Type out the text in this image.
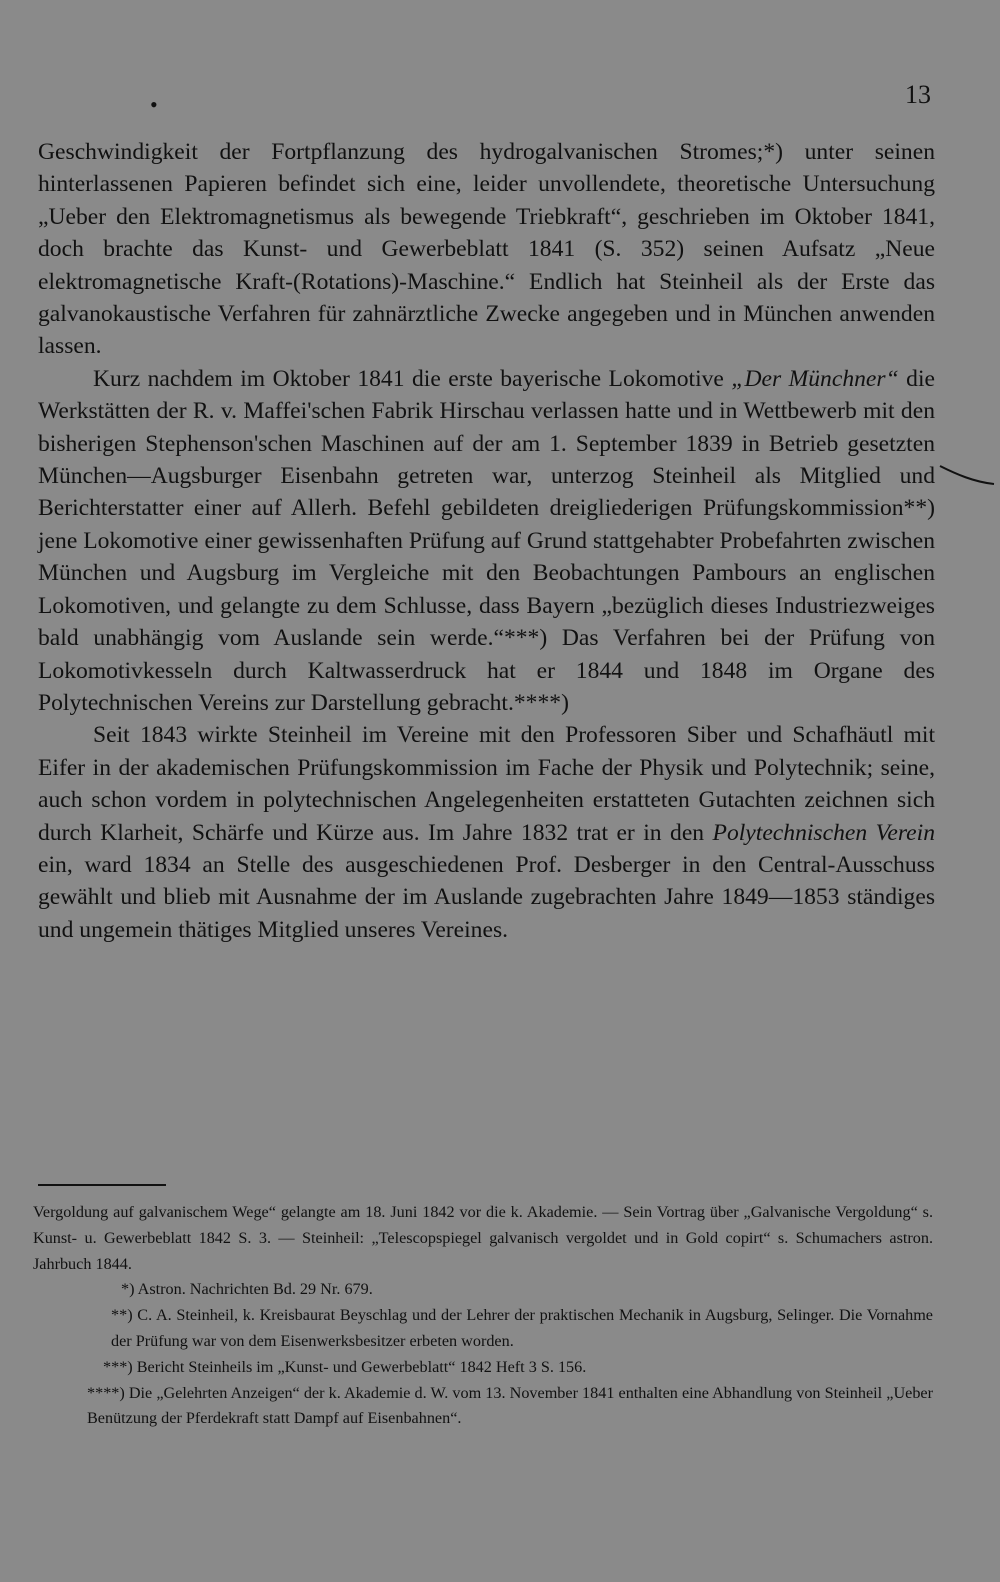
•	13

Geschwindigkeit der Fortpflanzung des hydrogalvanischen Stromes;*) unter seinen hinterlassenen Papieren befindet sich eine, leider unvollendete, theoretische Untersuchung „Ueber den Elektromagnetismus als bewegende Triebkraft“, geschrieben im Oktober 1841, doch brachte das Kunst- und Gewerbeblatt 1841 (S. 352) seinen Aufsatz „Neue elektromagnetische Kraft-(Rotations)-Maschine.“ Endlich hat Steinheil als der Erste das galvanokaustische Verfahren für zahnärztliche Zwecke angegeben und in München anwenden lassen.

Kurz nachdem im Oktober 1841 die erste bayerische Lokomotive „Der Münchner“ die Werkstätten der R. v. Maffei'schen Fabrik Hirschau verlassen hatte und in Wettbewerb mit den bisherigen Stephenson'schen Maschinen auf der am 1. September 1839 in Betrieb gesetzten München—Augsburger Eisenbahn getreten war, unterzog Steinheil als Mitglied und Berichterstatter einer auf Allerh. Befehl gebildeten dreigliederigen Prüfungskommission**) jene Lokomotive einer gewissenhaften Prüfung auf Grund stattgehabter Probefahrten zwischen München und Augsburg im Vergleiche mit den Beobachtungen Pambours an englischen Lokomotiven, und gelangte zu dem Schlusse, dass Bayern „bezüglich dieses Industriezweiges bald unabhängig vom Auslande sein werde.“***) Das Verfahren bei der Prüfung von Lokomotivkesseln durch Kaltwasserdruck hat er 1844 und 1848 im Organe des Polytechnischen Vereins zur Darstellung gebracht.****)

Seit 1843 wirkte Steinheil im Vereine mit den Professoren Siber und Schafhäutl mit Eifer in der akademischen Prüfungskommission im Fache der Physik und Polytechnik; seine, auch schon vordem in polytechnischen Angelegenheiten erstatteten Gutachten zeichnen sich durch Klarheit, Schärfe und Kürze aus. Im Jahre 1832 trat er in den Polytechnischen Verein ein, ward 1834 an Stelle des ausgeschiedenen Prof. Desberger in den Central-Ausschuss gewählt und blieb mit Ausnahme der im Auslande zugebrachten Jahre 1849—1853 ständiges und ungemein thätiges Mitglied unseres Vereines.

Vergoldung auf galvanischem Wege“ gelangte am 18. Juni 1842 vor die k. Akademie. — Sein Vortrag über „Galvanische Vergoldung“ s. Kunst- u. Gewerbeblatt 1842 S. 3. — Steinheil: „Telescopspiegel galvanisch vergoldet und in Gold copirt“ s. Schumachers astron. Jahrbuch 1844.

*) Astron. Nachrichten Bd. 29 Nr. 679.

**) C. A. Steinheil, k. Kreisbaurat Beyschlag und der Lehrer der praktischen Mechanik in Augsburg, Selinger. Die Vornahme der Prüfung war von dem Eisenwerksbesitzer erbeten worden.

***) Bericht Steinheils im „Kunst- und Gewerbeblatt“ 1842 Heft 3 S. 156.

****) Die „Gelehrten Anzeigen“ der k. Akademie d. W. vom 13. November 1841 enthalten eine Abhandlung von Steinheil „Ueber Benützung der Pferdekraft statt Dampf auf Eisenbahnen“.
